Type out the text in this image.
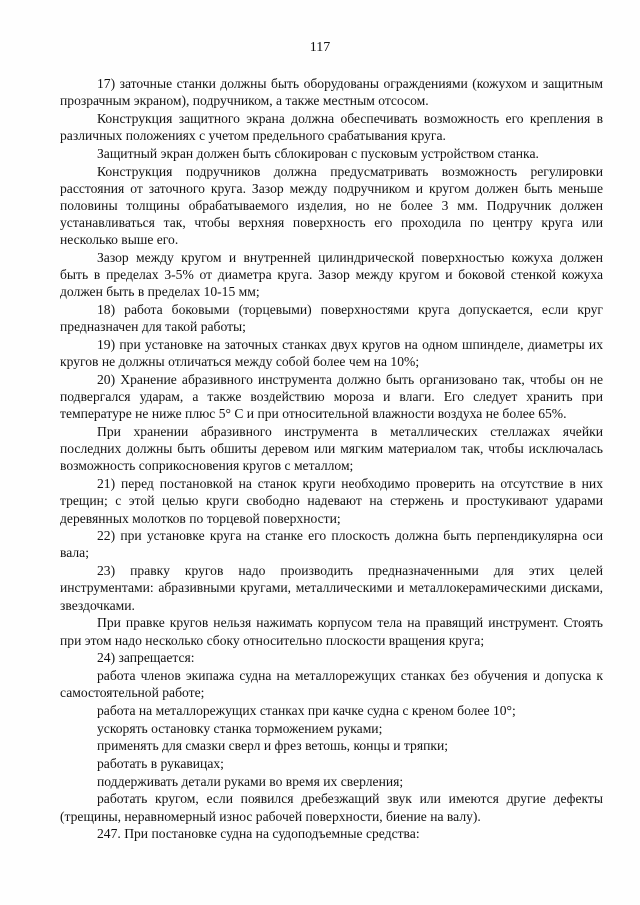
117

17) заточные станки должны быть оборудованы ограждениями (кожухом и защитным прозрачным экраном), подручником, а также местным отсосом.

Конструкция защитного экрана должна обеспечивать возможность его крепления в различных положениях с учетом предельного срабатывания круга.

Защитный экран должен быть сблокирован с пусковым устройством станка.

Конструкция подручников должна предусматривать возможность регулировки расстояния от заточного круга. Зазор между подручником и кругом должен быть меньше половины толщины обрабатываемого изделия, но не более 3 мм. Подручник должен устанавливаться так, чтобы верхняя поверхность его проходила по центру круга или несколько выше его.

Зазор между кругом и внутренней цилиндрической поверхностью кожуха должен быть в пределах 3-5% от диаметра круга. Зазор между кругом и боковой стенкой кожуха должен быть в пределах 10-15 мм;

18) работа боковыми (торцевыми) поверхностями круга допускается, если круг предназначен для такой работы;

19) при установке на заточных станках двух кругов на одном шпинделе, диаметры их кругов не должны отличаться между собой более чем на 10%;

20) Хранение абразивного инструмента должно быть организовано так, чтобы он не подвергался ударам, а также воздействию мороза и влаги. Его следует хранить при температуре не ниже плюс 5° С и при относительной влажности воздуха не более 65%.

При хранении абразивного инструмента в металлических стеллажах ячейки последних должны быть обшиты деревом или мягким материалом так, чтобы исключалась возможность соприкосновения кругов с металлом;

21) перед постановкой на станок круги необходимо проверить на отсутствие в них трещин; с этой целью круги свободно надевают на стержень и простукивают ударами деревянных молотков по торцевой поверхности;

22) при установке круга на станке его плоскость должна быть перпендикулярна оси вала;

23) правку кругов надо производить предназначенными для этих целей инструментами: абразивными кругами, металлическими и металлокерамическими дисками, звездочками.

При правке кругов нельзя нажимать корпусом тела на правящий инструмент. Стоять при этом надо несколько сбоку относительно плоскости вращения круга;

24) запрещается:

работа членов экипажа судна на металлорежущих станках без обучения и допуска к самостоятельной работе;

работа на металлорежущих станках при качке судна с креном более 10°;

ускорять остановку станка торможением руками;

применять для смазки сверл и фрез ветошь, концы и тряпки;

работать в рукавицах;

поддерживать детали руками во время их сверления;

работать кругом, если появился дребезжащий звук или имеются другие дефекты (трещины, неравномерный износ рабочей поверхности, биение на валу).

247. При постановке судна на судоподъемные средства:
